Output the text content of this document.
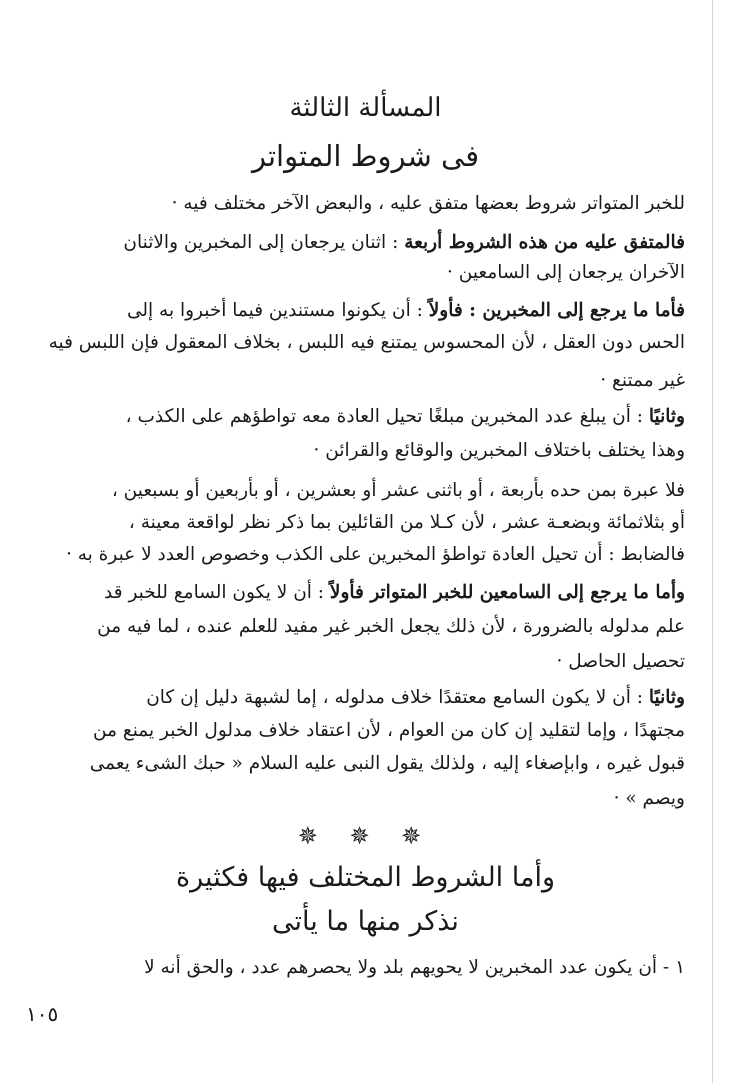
المسألة الثالثة
فى شروط المتواتر
للخبر المتواتر شروط بعضها متفق عليه ، والبعض الآخر مختلف فيه ·
فالمتفق عليه من هذه الشروط أربعة : اثنان يرجعان إلى المخبرين والاثنان
الآخران يرجعان إلى السامعين ·
فأما ما يرجع إلى المخبرين : فأولاً : أن يكونوا مستندين فيما أخبروا به إلى
الحس دون العقل ، لأن المحسوس يمتنع فيه اللبس ، بخلاف المعقول فإن اللبس فيه
غير ممتنع ·
وثانيًا : أن يبلغ عدد المخبرين مبلغًا تحيل العادة معه تواطؤهم على الكذب ،
وهذا يختلف باختلاف المخبرين والوقائع والقرائن ·
فلا عبرة بمن حده بأربعة ، أو باثنى عشر أو بعشرين ، أو بأربعين أو بسبعين ،
أو بثلاثمائة وبضعـة عشر ، لأن كـلا من القائلين بما ذكر نظر لواقعة معينة ،
فالضابط : أن تحيل العادة تواطؤ المخبرين على الكذب وخصوص العدد لا عبرة به ·
وأما ما يرجع إلى السامعين للخبر المتواتر فأولاً : أن لا يكون السامع للخبر قد
علم مدلوله بالضرورة ، لأن ذلك يجعل الخبر غير مفيد للعلم عنده ، لما فيه من
تحصيل الحاصل ·
وثانيًا : أن لا يكون السامع معتقدًا خلاف مدلوله ، إما لشبهة دليل إن كان
مجتهدًا ، وإما لتقليد إن كان من العوام ، لأن اعتقاد خلاف مدلول الخبر يمنع من
قبول غيره ، وابإصغاء إليه ، ولذلك يقول النبى عليه السلام « حبك الشىء يعمى
ويصم » ·
✵ ✵ ✵
وأما الشروط المختلف فيها فكثيرة
نذكر منها ما يأتى
١ - أن يكون عدد المخبرين لا يحويهم بلد ولا يحصرهم عدد ، والحق أنه لا
١٠٥
